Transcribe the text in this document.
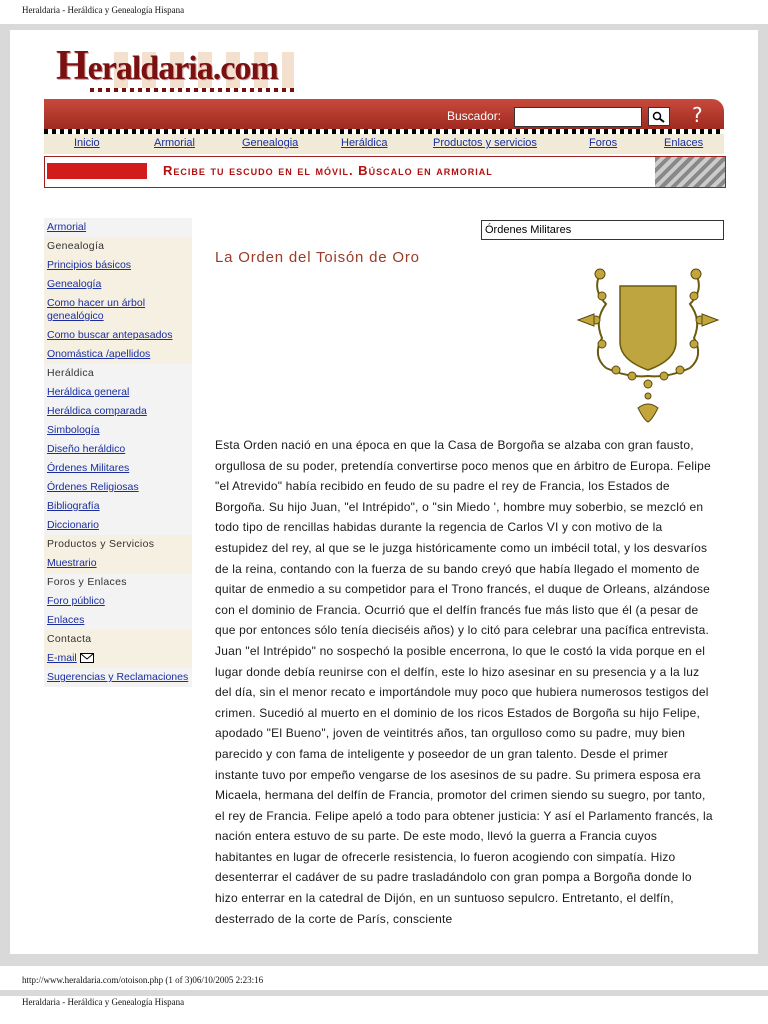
Heraldaria - Heráldica y Genealogía Hispana
Heraldaria.com
Buscador:	?
Inicio	Armorial	Genealogia	Heráldica	Productos y servicios	Foros	Enlaces
Recibe tu escudo en el móvil. Búscalo en armorial
Armorial
Genealogía
Principios básicos
Genealogía
Como hacer un árbol genealógico
Como buscar antepasados
Onomástica /apellidos
Heráldica
Heráldica general
Heráldica comparada
Simbología
Diseño heráldico
Órdenes Militares
Órdenes Religiosas
Bibliografía
Diccionario
Productos y Servicios
Muestrario
Foros y Enlaces
Foro público
Enlaces
Contacta
E-mail
Sugerencias y Reclamaciones
Órdenes Militares
La Orden del Toisón de Oro
Esta Orden nació en una época en que la Casa de Borgoña se alzaba con gran fausto, orgullosa de su poder, pretendía convertirse poco menos que en árbitro de Europa. Felipe "el Atrevido" había recibido en feudo de su padre el rey de Francia, los Estados de Borgoña. Su hijo Juan, "el Intrépido", o "sin Miedo ', hombre muy soberbio, se mezcló en todo tipo de rencillas habidas durante la regencia de Carlos VI y con motivo de la estupidez del rey, al que se le juzga históricamente como un imbécil total, y los desvaríos de la reina, contando con la fuerza de su bando creyó que había llegado el momento de quitar de enmedio a su competidor para el Trono francés, el duque de Orleans, alzándose con el dominio de Francia. Ocurrió que el delfín francés fue más listo que él (a pesar de que por entonces sólo tenía dieciséis años) y lo citó para celebrar una pacífica entrevista. Juan "el Intrépido" no sospechó la posible encerrona, lo que le costó la vida porque en el lugar donde debía reunirse con el delfín, este lo hizo asesinar en su presencia y a la luz del día, sin el menor recato e importándole muy poco que hubiera numerosos testigos del crimen. Sucedió al muerto en el dominio de los ricos Estados de Borgoña su hijo Felipe, apodado "El Bueno", joven de veintitrés años, tan orgulloso como su padre, muy bien parecido y con fama de inteligente y poseedor de un gran talento. Desde el primer instante tuvo por empeño vengarse de los asesinos de su padre. Su primera esposa era Micaela, hermana del delfín de Francia, promotor del crimen siendo su suegro, por tanto, el rey de Francia. Felipe apeló a todo para obtener justicia: Y así el Parlamento francés, la nación entera estuvo de su parte. De este modo, llevó la guerra a Francia cuyos habitantes en lugar de ofrecerle resistencia, lo fueron acogiendo con simpatía. Hizo desenterrar el cadáver de su padre trasladándolo con gran pompa a Borgoña donde lo hizo enterrar en la catedral de Dijón, en un suntuoso sepulcro. Entretanto, el delfín, desterrado de la corte de París, consciente
http://www.heraldaria.com/otoison.php (1 of 3)06/10/2005 2:23:16
Heraldaria - Heráldica y Genealogía Hispana
